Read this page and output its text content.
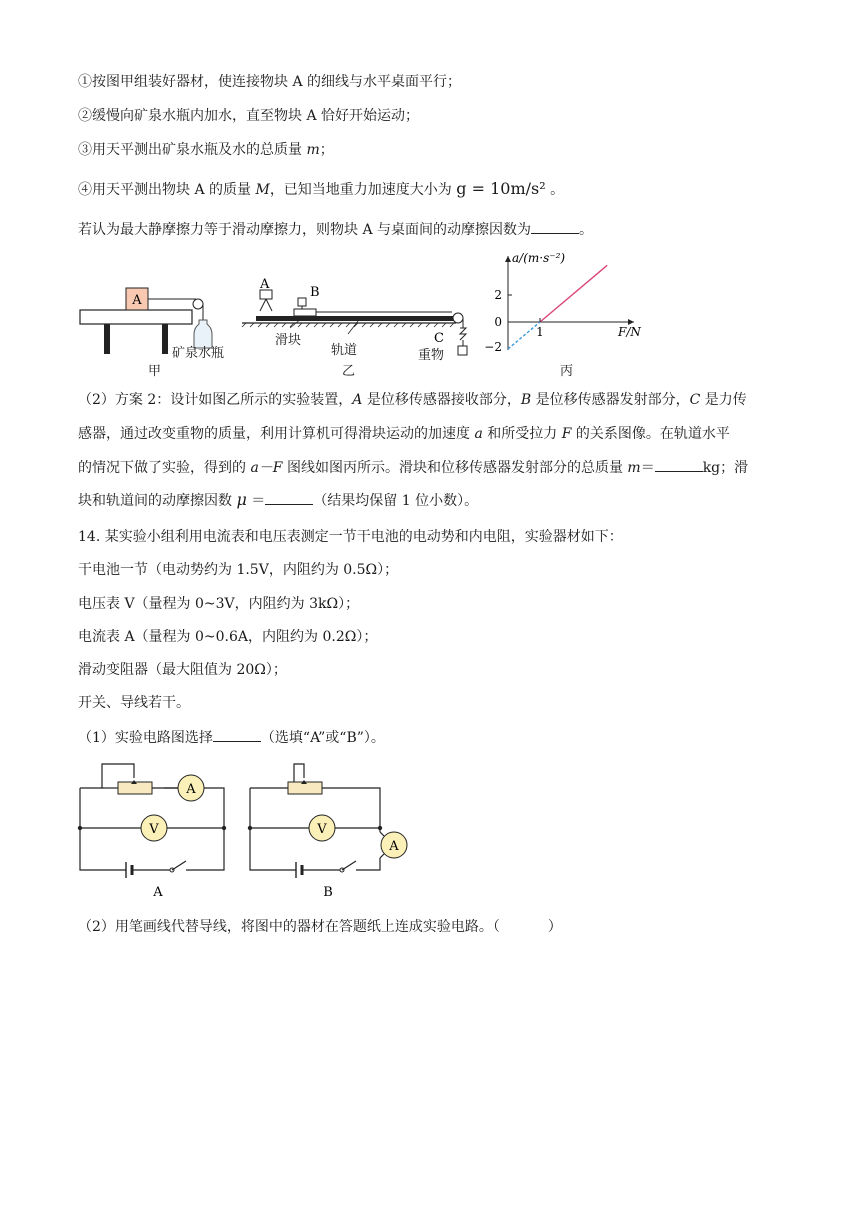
①按图甲组装好器材，使连接物块 A 的细线与水平桌面平行；
②缓慢向矿泉水瓶内加水，直至物块 A 恰好开始运动；
③用天平测出矿泉水瓶及水的总质量 m；
④用天平测出物块 A 的质量 M，已知当地重力加速度大小为 g = 10m/s² 。
若认为最大静摩擦力等于滑动摩擦力，则物块 A 与桌面间的动摩擦因数为	。
A
矿泉水瓶
甲
A
B
C
滑块
轨道	重物
乙
a/(m·s⁻²)
F/N
2
0
−2
1
丙
（2）方案 2：设计如图乙所示的实验装置，A 是位移传感器接收部分，B 是位移传感器发射部分，C 是力传
感器，通过改变重物的质量，利用计算机可得滑块运动的加速度 a 和所受拉力 F 的关系图像。在轨道水平
的情况下做了实验，得到的 a－F 图线如图丙所示。滑块和位移传感器发射部分的总质量 m＝	kg；滑
块和轨道间的动摩擦因数 μ ＝	（结果均保留 1 位小数）。
14. 某实验小组利用电流表和电压表测定一节干电池的电动势和内电阻，实验器材如下：
干电池一节（电动势约为 1.5V，内阻约为 0.5Ω）；
电压表 V（量程为 0~3V，内阻约为 3kΩ）；
电流表 A（量程为 0~0.6A，内阻约为 0.2Ω）；
滑动变阻器（最大阻值为 20Ω）；
开关、导线若干。
（1）实验电路图选择	（选填“A”或“B”）。
A
V
A
V
A
B
（2）用笔画线代替导线，将图中的器材在答题纸上连成实验电路。（	）
